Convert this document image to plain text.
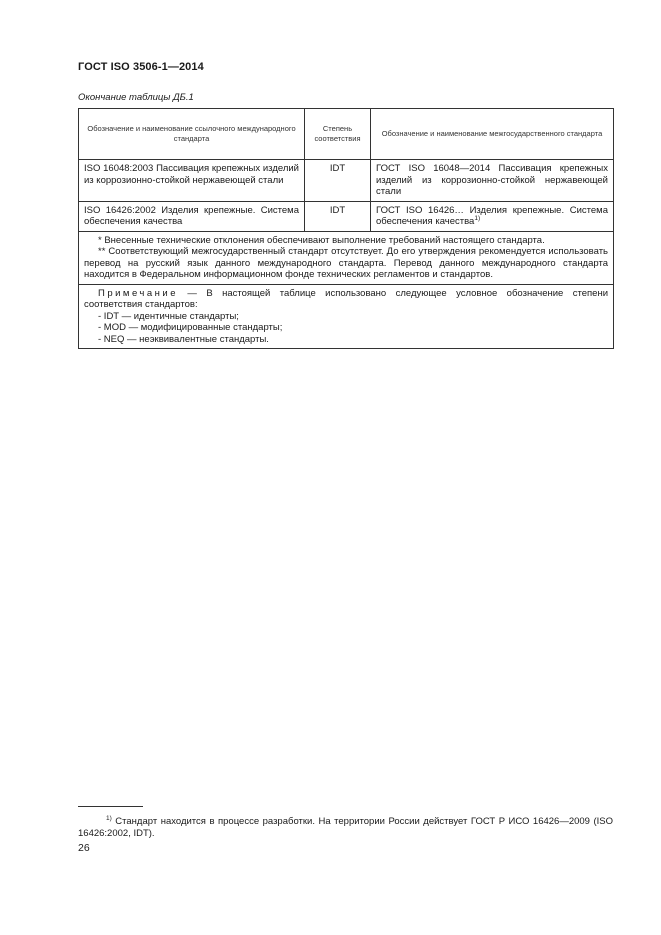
ГОСТ ISO 3506-1—2014
Окончание таблицы ДБ.1
Обозначение и наименование ссылочного международного стандарта	Степень соответствия	Обозначение и наименование межгосударственного стандарта
ISO 16048:2003 Пассивация крепежных изделий из коррозионно-стойкой нержавеющей стали	IDT	ГОСТ ISO 16048—2014 Пассивация крепежных изделий из коррозионно-стойкой нержавеющей стали
ISO 16426:2002 Изделия крепежные. Система обеспечения качества	IDT	ГОСТ ISO 16426… Изделия крепежные. Система обеспечения качества$^{1)}$

* Внесенные технические отклонения обеспечивают выполнение требований настоящего стандарта.

** Соответствующий межгосударственный стандарт отсутствует. До его утверждения рекомендуется использовать перевод на русский язык данного международного стандарта. Перевод данного международного стандарта находится в Федеральном информационном фонде технических регламентов и стандартов.		

Примечание — В настоящей таблице использовано следующее условное обозначение степени соответствия стандартов:

- IDT — идентичные стандарты;

- MOD — модифицированные стандарты;

- NEQ — неэквивалентные стандарты.		

$^{1)}$ Стандарт находится в процессе разработки. На территории России действует ГОСТ Р ИСО 16426—2009 (ISO 16426:2002, IDT).
26
